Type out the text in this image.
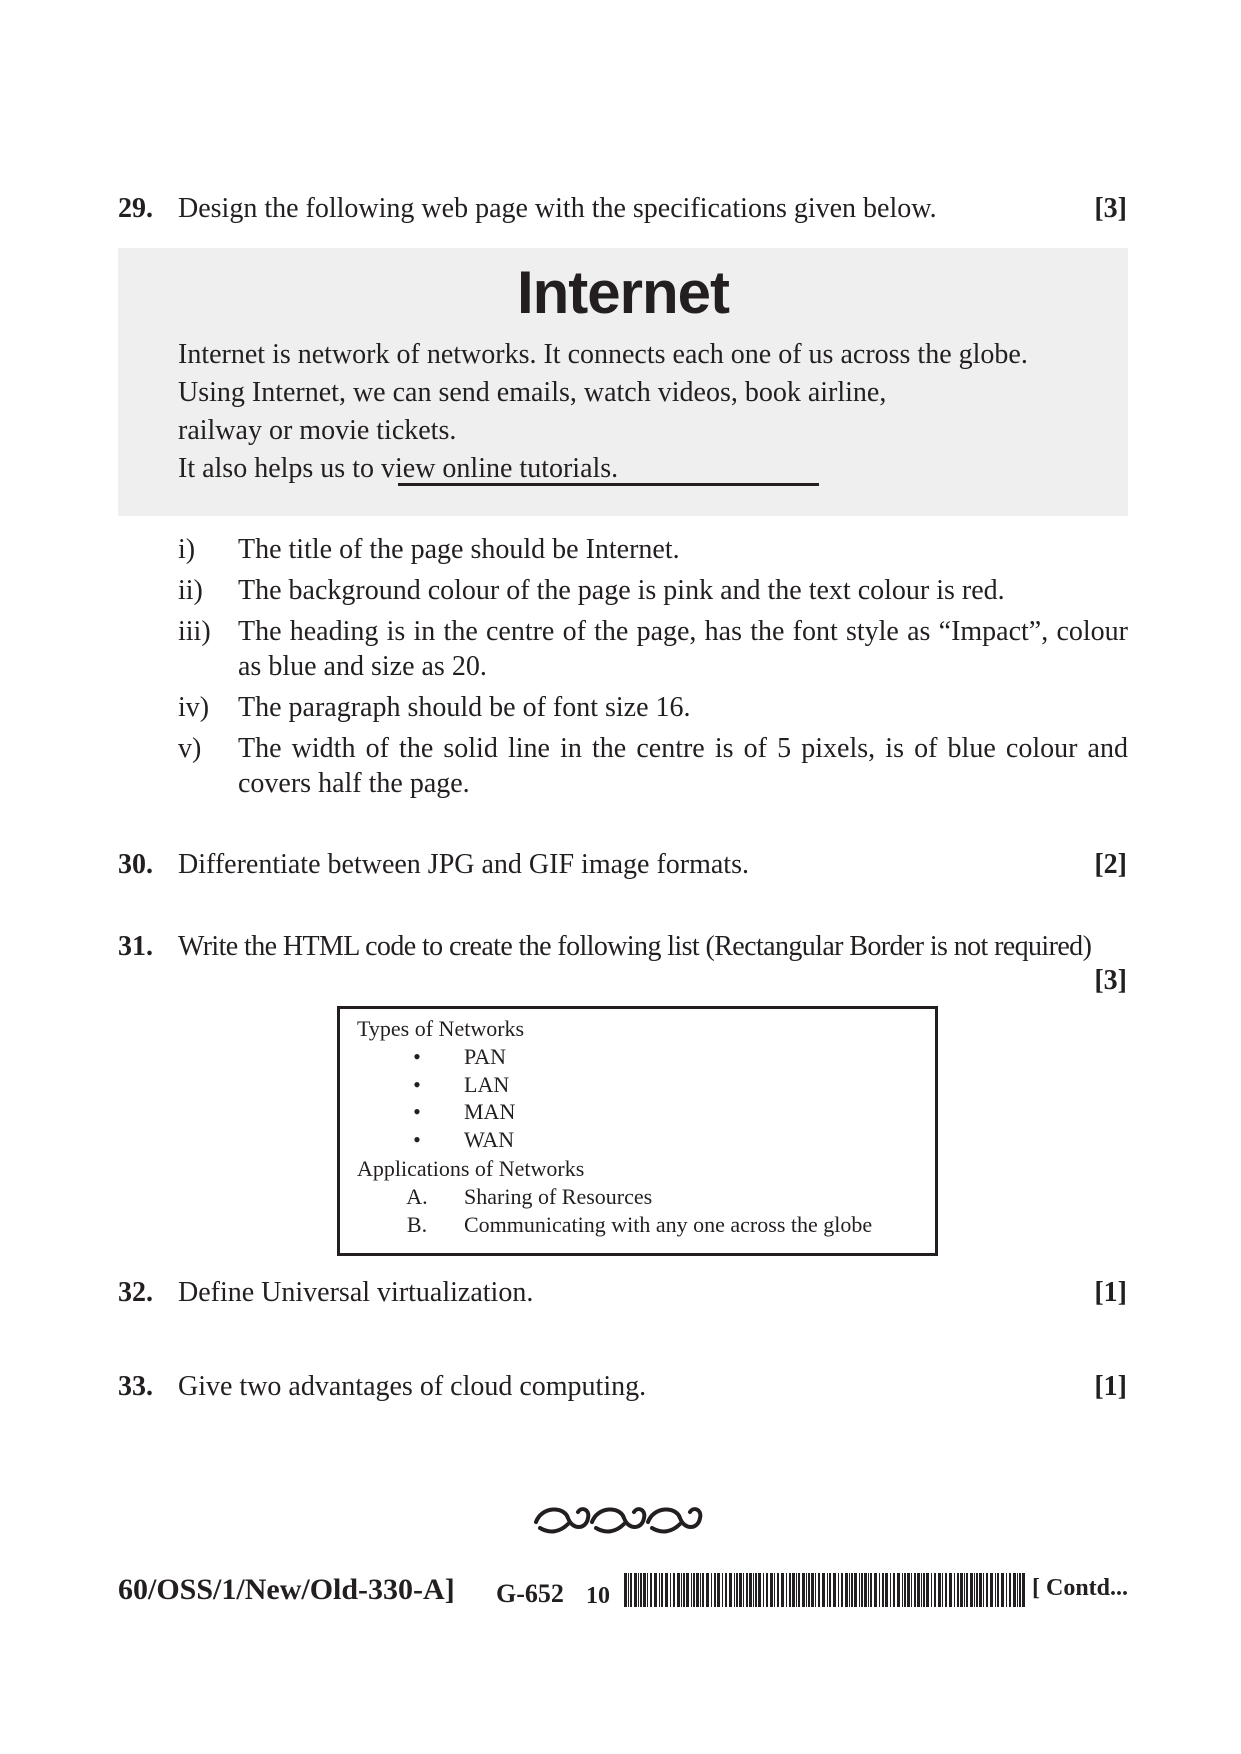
29. Design the following web page with the specifications given below.	[3]
Internet
Internet is network of networks. It connects each one of us across the globe.
Using Internet, we can send emails, watch videos, book airline,
railway or movie tickets.
It also helps us to view online tutorials.
i) The title of the page should be Internet.
ii) The background colour of the page is pink and the text colour is red.
iii) The heading is in the centre of the page, has the font style as “Impact”, colour as blue and size as 20.
iv) The paragraph should be of font size 16.
v) The width of the solid line in the centre is of 5 pixels, is of blue colour and covers half the page.
30. Differentiate between JPG and GIF image formats.	[2]
31. Write the HTML code to create the following list (Rectangular Border is not required)
[3]
Types of Networks
•	PAN
•	LAN
•	MAN
•	WAN
Applications of Networks
A. Sharing of Resources
B. Communicating with any one across the globe
32. Define Universal virtualization.	[1]
33. Give two advantages of cloud computing.	[1]
60/OSS/1/New/Old-330-A] G-652 10	[ Contd...
